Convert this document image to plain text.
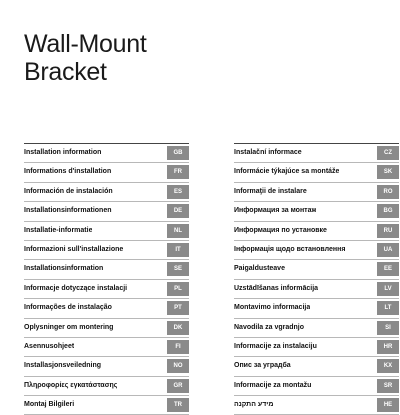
Wall-Mount
Bracket
Installation information	GB
Informations d'installation	FR
Información de instalación	ES
Installationsinformationen	DE
Installatie-informatie	NL
Informazioni sull'installazione	IT
Installationsinformation	SE
Informacje dotyczące instalacji	PL
Informações de instalação	PT
Oplysninger om montering	DK
Asennusohjeet	FI
Installasjonsveiledning	NO
Πληροφορίες εγκατάστασης	GR
Montaj Bilgileri	TR
Instalační informace	CZ
Informácie týkajúce sa montáže	SK
Informaţii de instalare	RO
Информация за монтаж	BG
Информация по установке	RU
Інформація щодо встановлення	UA
Paigaldusteave	EE
Uzstādīšanas informācija	LV
Montavimo informacija	LT
Navodila za vgradnjo	SI
Informacije za instalaciju	HR
Опис за уградба	KX
Informacije za montažu	SR
מידע התקנה	HE
